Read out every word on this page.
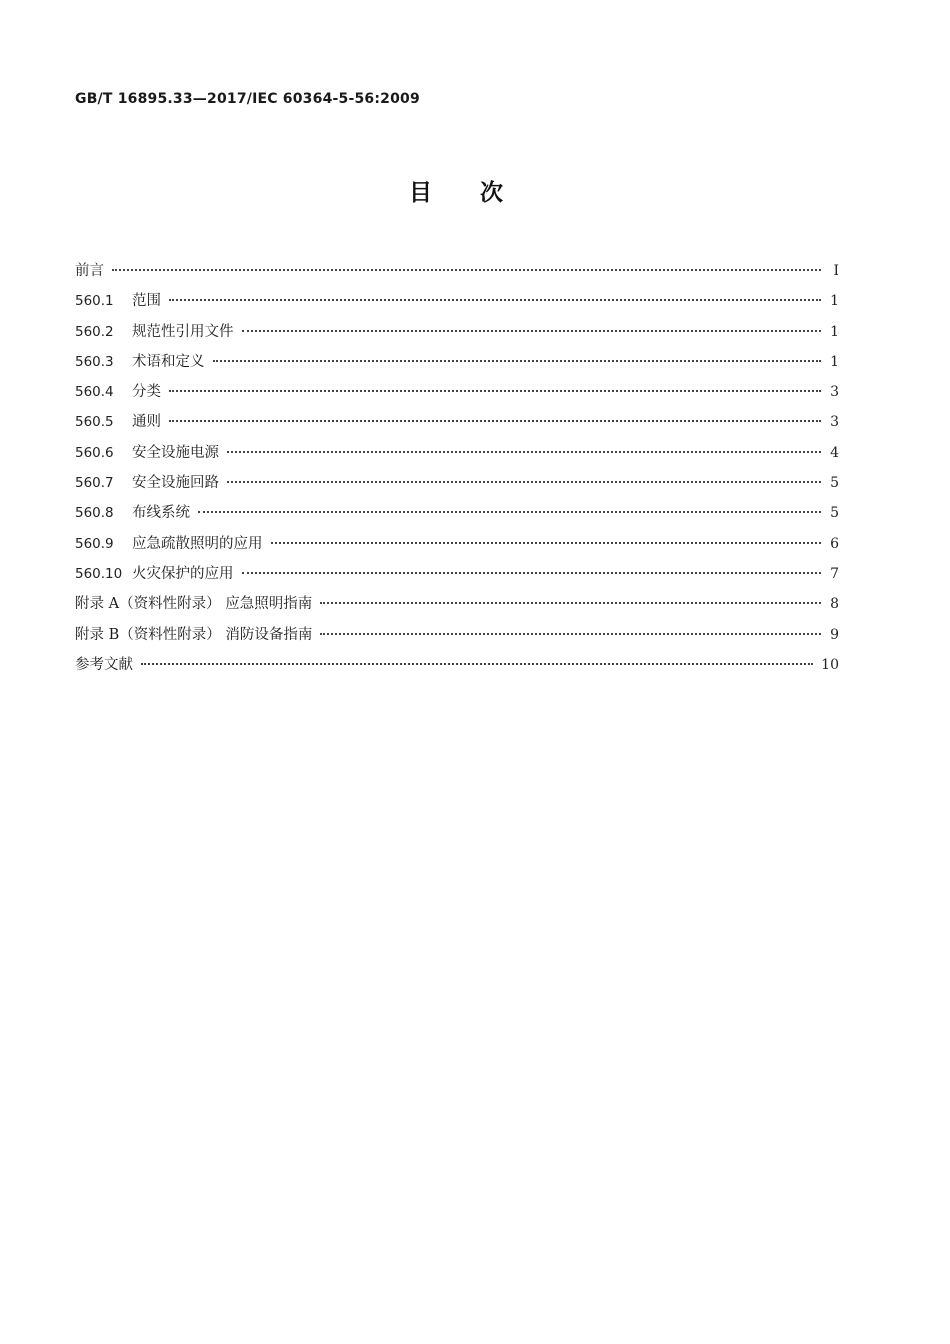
GB/T 16895.33—2017/IEC 60364-5-56:2009
目 次
前言	Ⅰ
560.1 范围	1
560.2 规范性引用文件	1
560.3 术语和定义	1
560.4 分类	3
560.5 通则	3
560.6 安全设施电源	4
560.7 安全设施回路	5
560.8 布线系统	5
560.9 应急疏散照明的应用	6
560.10 火灾保护的应用	7
附录 A（资料性附录） 应急照明指南	8
附录 B（资料性附录） 消防设备指南	9
参考文献	10
